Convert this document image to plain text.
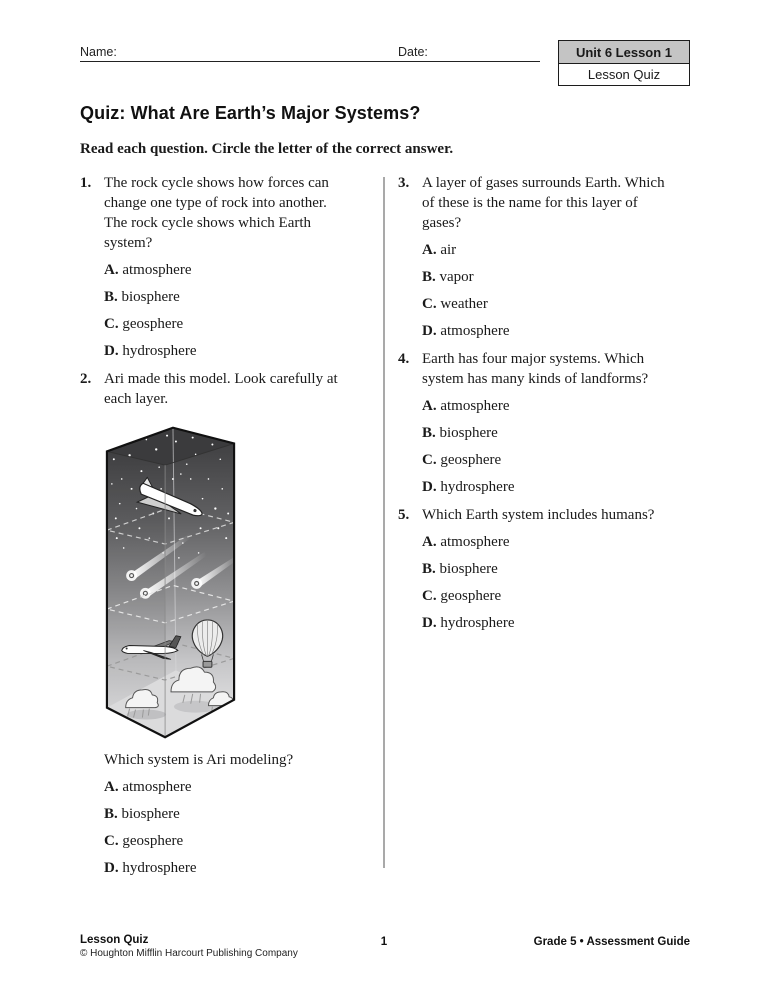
Name:	Date:	Unit 6 Lesson 1
Lesson Quiz
Quiz: What Are Earth’s Major Systems?
Read each question. Circle the letter of the correct answer.
1. The rock cycle shows how forces can change one type of rock into another. The rock cycle shows which Earth system?
A. atmosphere
B. biosphere
C. geosphere
D. hydrosphere
2. Ari made this model. Look carefully at each layer.
Which system is Ari modeling?
A. atmosphere
B. biosphere
C. geosphere
D. hydrosphere
3. A layer of gases surrounds Earth. Which of these is the name for this layer of gases?
A. air
B. vapor
C. weather
D. atmosphere
4. Earth has four major systems. Which system has many kinds of landforms?
A. atmosphere
B. biosphere
C. geosphere
D. hydrosphere
5. Which Earth system includes humans?
A. atmosphere
B. biosphere
C. geosphere
D. hydrosphere
Lesson Quiz
© Houghton Mifflin Harcourt Publishing Company
1	Grade 5 • Assessment Guide
